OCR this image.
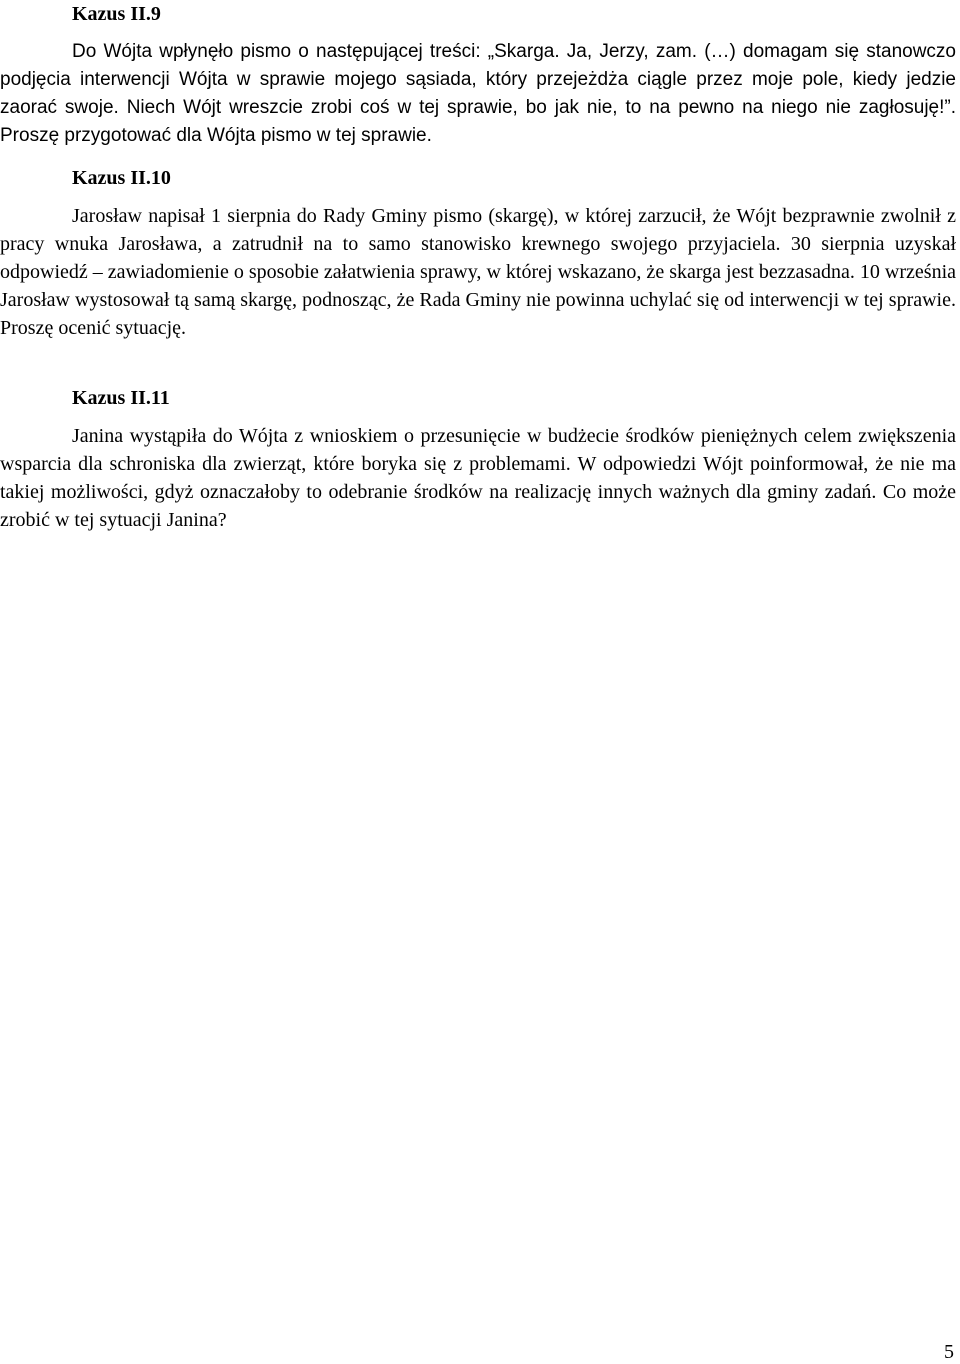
Kazus II.9

Do Wójta wpłynęło pismo o następującej treści: „Skarga. Ja, Jerzy, zam. (…) domagam się stanowczo podjęcia interwencji Wójta w sprawie mojego sąsiada, który przejeżdża ciągle przez moje pole, kiedy jedzie zaorać swoje. Niech Wójt wreszcie zrobi coś w tej sprawie, bo jak nie, to na pewno na niego nie zagłosuję!”. Proszę przygotować dla Wójta pismo w tej sprawie.

Kazus II.10

Jarosław napisał 1 sierpnia do Rady Gminy pismo (skargę), w której zarzucił, że Wójt bezprawnie zwolnił z pracy wnuka Jarosława, a zatrudnił na to samo stanowisko krewnego swojego przyjaciela. 30 sierpnia uzyskał odpowiedź – zawiadomienie o sposobie załatwienia sprawy, w której wskazano, że skarga jest bezzasadna. 10 września Jarosław wystosował tą samą skargę, podnosząc, że Rada Gminy nie powinna uchylać się od interwencji w tej sprawie. Proszę ocenić sytuację.

Kazus II.11

Janina wystąpiła do Wójta z wnioskiem o przesunięcie w budżecie środków pieniężnych celem zwiększenia wsparcia dla schroniska dla zwierząt, które boryka się z problemami. W odpowiedzi Wójt poinformował, że nie ma takiej możliwości, gdyż oznaczałoby to odebranie środków na realizację innych ważnych dla gminy zadań. Co może zrobić w tej sytuacji Janina?

5
